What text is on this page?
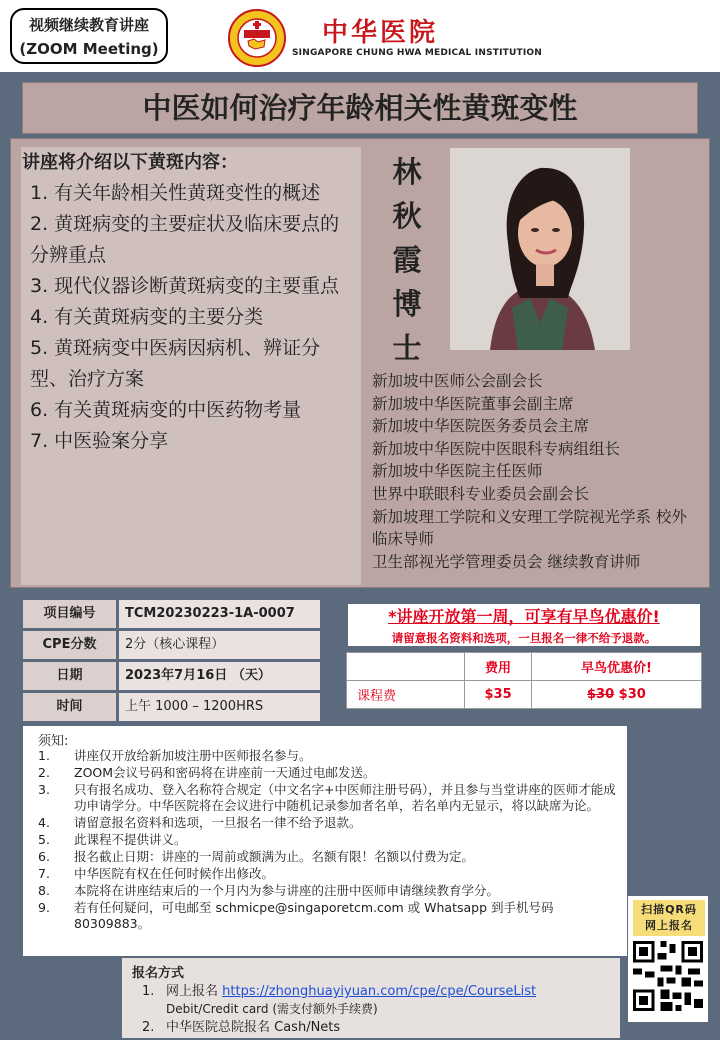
视频继续教育讲座
(ZOOM Meeting)
中华医院
SINGAPORE CHUNG HWA MEDICAL INSTITUTION
中医如何治疗年龄相关性黄斑变性
讲座将介绍以下黄斑内容：
1. 有关年龄相关性黄斑变性的概述
2. 黄斑病变的主要症状及临床要点的分辨重点
3. 现代仪器诊断黄斑病变的主要重点
4. 有关黄斑病变的主要分类
5. 黄斑病变中医病因病机、辨证分型、治疗方案
6. 有关黄斑病变的中医药物考量
7. 中医验案分享
林
秋
霞
博
士
新加坡中医师公会副会长
新加坡中华医院董事会副主席
新加坡中华医院医务委员会主席
新加坡中华医院中医眼科专病组组长
新加坡中华医院主任医师
世界中联眼科专业委员会副会长
新加坡理工学院和义安理工学院视光学系 校外临床导师
卫生部视光学管理委员会 继续教育讲师
项目编号	TCM20230223-1A-0007
CPE分数	2分（核心课程）
日期	2023年7月16日 （天）
时间	上午 1000 – 1200HRS
*讲座开放第一周，可享有早鸟优惠价!
请留意报名资料和选项，一旦报名一律不给予退款。
	费用	早鸟优惠价!
课程费	$35	$30 $30
须知:
1.	讲座仅开放给新加坡注册中医师报名参与。
2.	ZOOM会议号码和密码将在讲座前一天通过电邮发送。
3.	只有报名成功、登入名称符合规定（中文名字+中医师注册号码），并且参与当堂讲座的医师才能成功申请学分。中华医院将在会议进行中随机记录参加者名单，若名单内无显示，将以缺席为论。
4.	请留意报名资料和选项，一旦报名一律不给予退款。
5.	此课程不提供讲义。
6.	报名截止日期：讲座的一周前或额满为止。名额有限！名额以付费为定。
7.	中华医院有权在任何时候作出修改。
8.	本院将在讲座结束后的一个月内为参与讲座的注册中医师申请继续教育学分。
9.	若有任何疑问，可电邮至 schmicpe@singaporetcm.com 或 Whatsapp 到手机号码 80309883。
扫描QR码 网上报名
报名方式
1. 网上报名 https://zhonghuayiyuan.com/cpe/cpe/CourseList
Debit/Credit card (需支付额外手续费)
2. 中华医院总院报名 Cash/Nets
